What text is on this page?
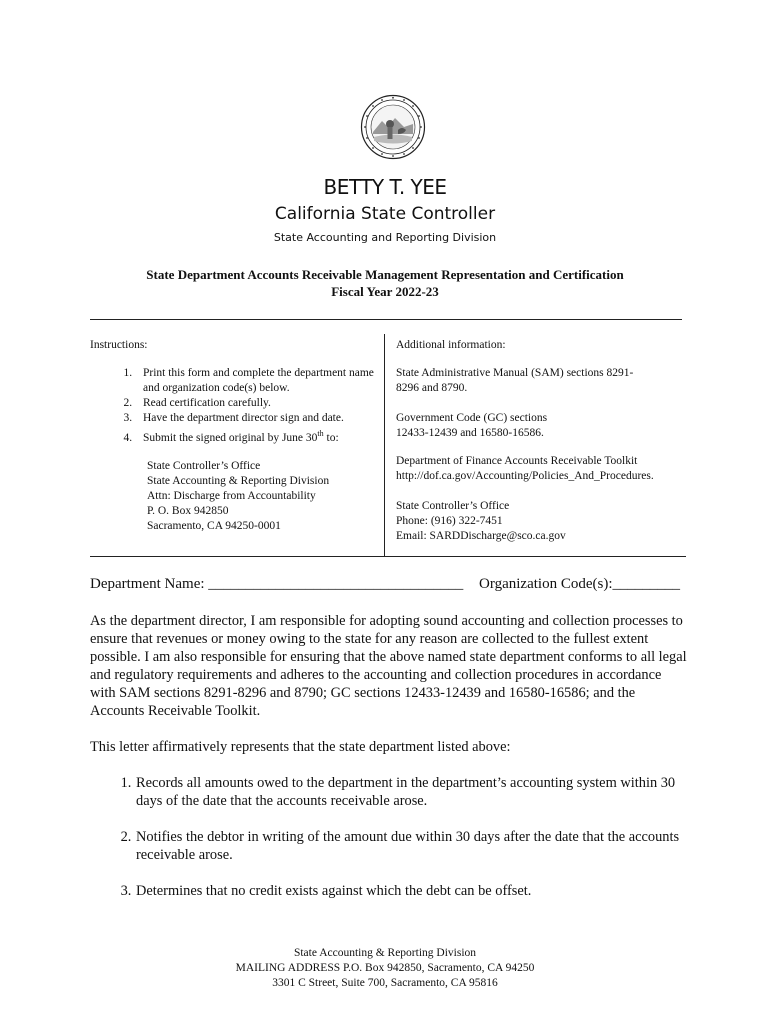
BETTY T. YEE
California State Controller
State Accounting and Reporting Division
State Department Accounts Receivable Management Representation and Certification
Fiscal Year 2022-23
Instructions:
1. Print this form and complete the department name and organization code(s) below.
2. Read certification carefully.
3. Have the department director sign and date.
4. Submit the signed original by June 30th to:
State Controller’s Office
State Accounting & Reporting Division
Attn: Discharge from Accountability
P. O. Box 942850
Sacramento, CA 94250-0001
Additional information:
State Administrative Manual (SAM) sections 8291-8296 and 8790.
Government Code (GC) sections
12433-12439 and 16580-16586.
Department of Finance Accounts Receivable Toolkit
http://dof.ca.gov/Accounting/Policies_And_Procedures.
State Controller’s Office
Phone: (916) 322-7451
Email: SARDDischarge@sco.ca.gov
Department Name: __________________________________ Organization Code(s):_________
As the department director, I am responsible for adopting sound accounting and collection processes to ensure that revenues or money owing to the state for any reason are collected to the fullest extent possible. I am also responsible for ensuring that the above named state department conforms to all legal and regulatory requirements and adheres to the accounting and collection procedures in accordance with SAM sections 8291-8296 and 8790; GC sections 12433-12439 and 16580-16586; and the Accounts Receivable Toolkit.
This letter affirmatively represents that the state department listed above:
1. Records all amounts owed to the department in the department’s accounting system within 30 days of the date that the accounts receivable arose.
2. Notifies the debtor in writing of the amount due within 30 days after the date that the accounts receivable arose.
3. Determines that no credit exists against which the debt can be offset.
State Accounting & Reporting Division
MAILING ADDRESS P.O. Box 942850, Sacramento, CA 94250
3301 C Street, Suite 700, Sacramento, CA 95816
